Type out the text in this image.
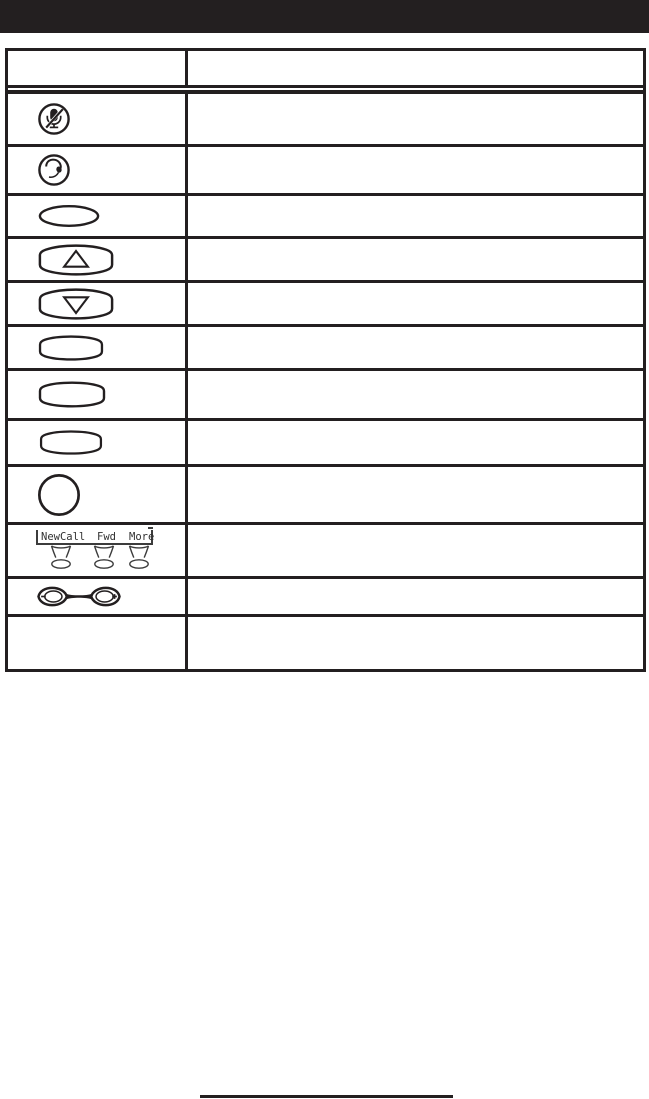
NewCall Fwd More
